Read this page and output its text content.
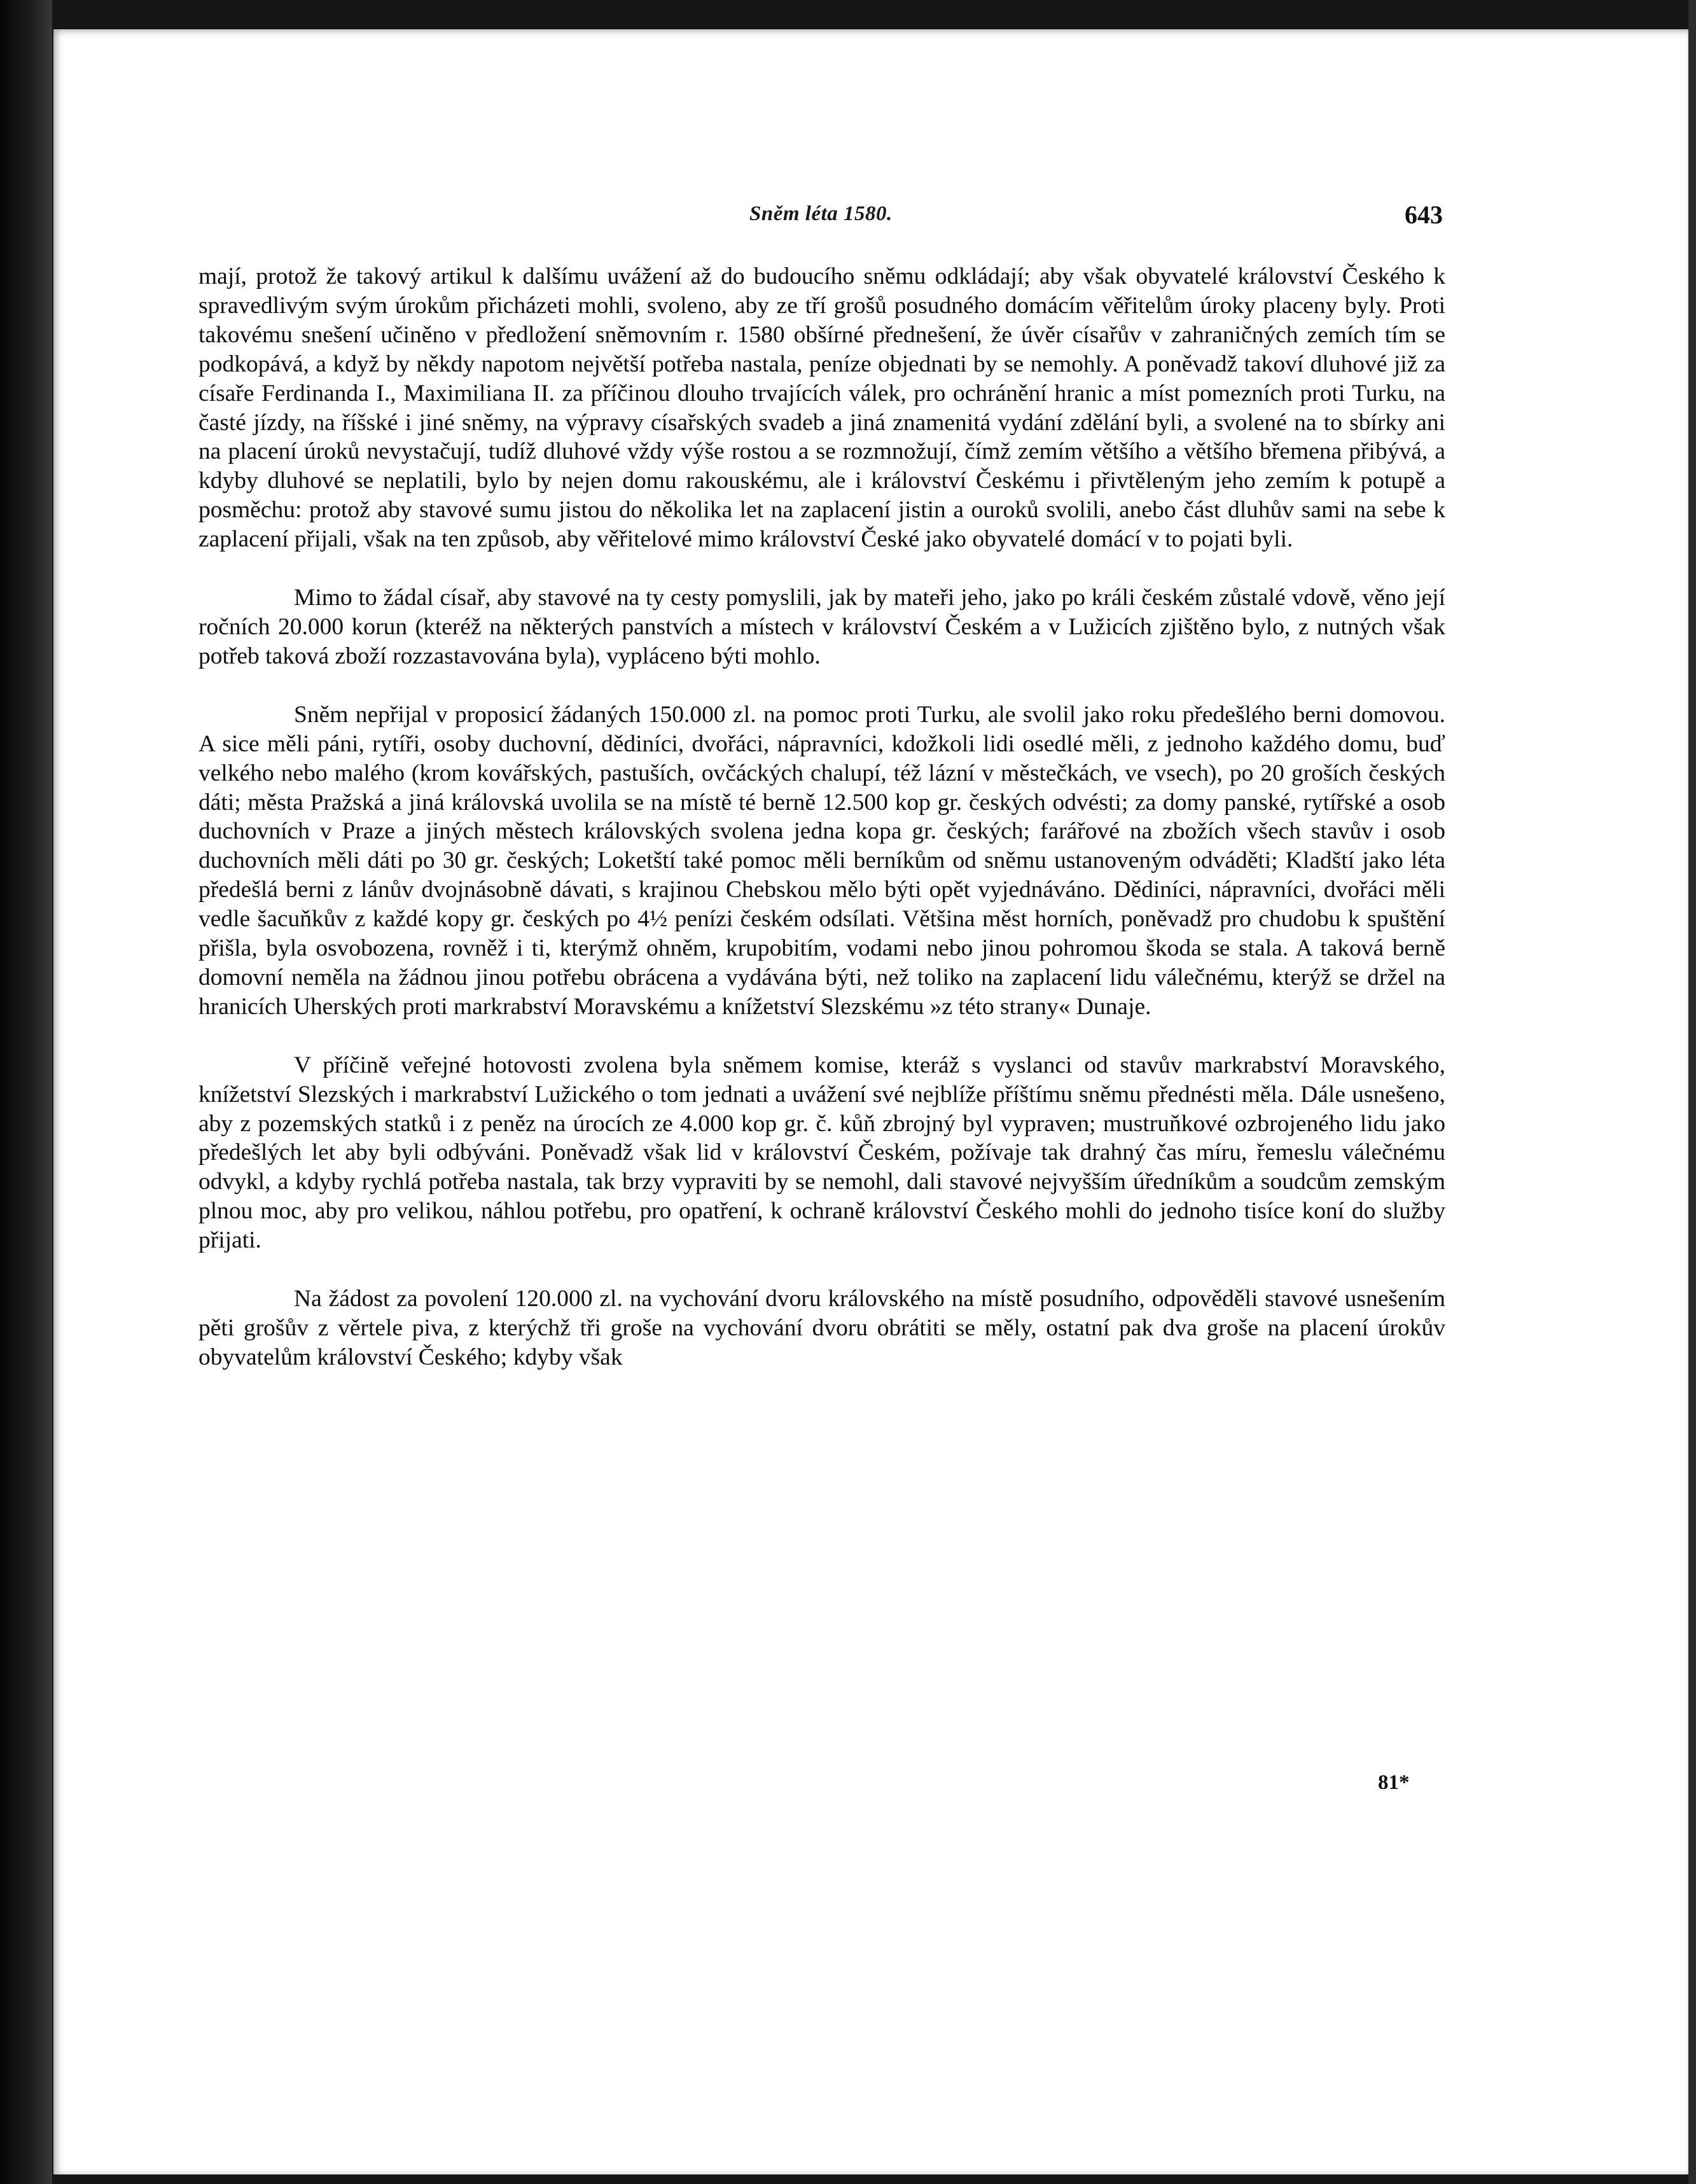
Sněm léta 1580.	643

mají, protož že takový artikul k dalšímu uvážení až do budoucího sněmu odkládají; aby však obyvatelé království Českého k spravedlivým svým úrokům přicházeti mohli, svoleno, aby ze tří grošů posudného domácím věřitelům úroky placeny byly. Proti takovému snešení učiněno v předložení sněmovním r. 1580 obšírné přednešení, že úvěr císařův v zahraničných zemích tím se podkopává, a když by někdy napotom největší potřeba nastala, peníze objednati by se nemohly. A poněvadž takoví dluhové již za císaře Ferdinanda I., Maximiliana II. za příčinou dlouho trvajících válek, pro ochránění hranic a míst pomezních proti Turku, na časté jízdy, na říšské i jiné sněmy, na výpravy císařských svadeb a jiná znamenitá vydání zdělání byli, a svolené na to sbírky ani na placení úroků nevystačují, tudíž dluhové vždy výše rostou a se rozmnožují, čímž zemím většího a většího břemena přibývá, a kdyby dluhové se neplatili, bylo by nejen domu rakouskému, ale i království Českému i přivtěleným jeho zemím k potupě a posměchu: protož aby stavové sumu jistou do několika let na zaplacení jistin a ouroků svolili, anebo část dluhův sami na sebe k zaplacení přijali, však na ten způsob, aby věřitelové mimo království České jako obyvatelé domácí v to pojati byli.

Mimo to žádal císař, aby stavové na ty cesty pomyslili, jak by mateři jeho, jako po králi českém zůstalé vdově, věno její ročních 20.000 korun (kteréž na některých panstvích a místech v království Českém a v Lužicích zjištěno bylo, z nutných však potřeb taková zboží rozzastavována byla), vypláceno býti mohlo.

Sněm nepřijal v proposicí žádaných 150.000 zl. na pomoc proti Turku, ale svolil jako roku předešlého berni domovou. A sice měli páni, rytíři, osoby duchovní, dědiníci, dvořáci, nápravníci, kdožkoli lidi osedlé měli, z jednoho každého domu, buď velkého nebo malého (krom kovářských, pastuších, ovčáckých chalupí, též lázní v městečkách, ve vsech), po 20 groších českých dáti; města Pražská a jiná královská uvolila se na místě té berně 12.500 kop gr. českých odvésti; za domy panské, rytířské a osob duchovních v Praze a jiných městech královských svolena jedna kopa gr. českých; farářové na zbožích všech stavův i osob duchovních měli dáti po 30 gr. českých; Loketští také pomoc měli berníkům od sněmu ustanoveným odváděti; Kladští jako léta předešlá berni z lánův dvojnásobně dávati, s krajinou Chebskou mělo býti opět vyjednáváno. Dědiníci, nápravníci, dvořáci měli vedle šacuňkův z každé kopy gr. českých po 4½ penízi českém odsílati. Většina měst horních, poněvadž pro chudobu k spuštění přišla, byla osvobozena, rovněž i ti, kterýmž ohněm, krupobitím, vodami nebo jinou pohromou škoda se stala. A taková berně domovní neměla na žádnou jinou potřebu obrácena a vydávána býti, než toliko na zaplacení lidu válečnému, kterýž se držel na hranicích Uherských proti markrabství Moravskému a knížetství Slezskému »z této strany« Dunaje.

V příčině veřejné hotovosti zvolena byla sněmem komise, kteráž s vyslanci od stavův markrabství Moravského, knížetství Slezských i markrabství Lužického o tom jednati a uvážení své nejblíže příštímu sněmu přednésti měla. Dále usnešeno, aby z pozemských statků i z peněz na úrocích ze 4.000 kop gr. č. kůň zbrojný byl vypraven; mustruňkové ozbrojeného lidu jako předešlých let aby byli odbýváni. Poněvadž však lid v království Českém, požívaje tak drahný čas míru, řemeslu válečnému odvykl, a kdyby rychlá potřeba nastala, tak brzy vypraviti by se nemohl, dali stavové nejvyšším úředníkům a soudcům zemským plnou moc, aby pro velikou, náhlou potřebu, pro opatření, k ochraně království Českého mohli do jednoho tisíce koní do služby přijati.

Na žádost za povolení 120.000 zl. na vychování dvoru královského na místě posudního, odpověděli stavové usnešením pěti grošův z věrtele piva, z kterýchž tři groše na vychování dvoru obrátiti se měly, ostatní pak dva groše na placení úrokův obyvatelům království Českého; kdyby však

81*
